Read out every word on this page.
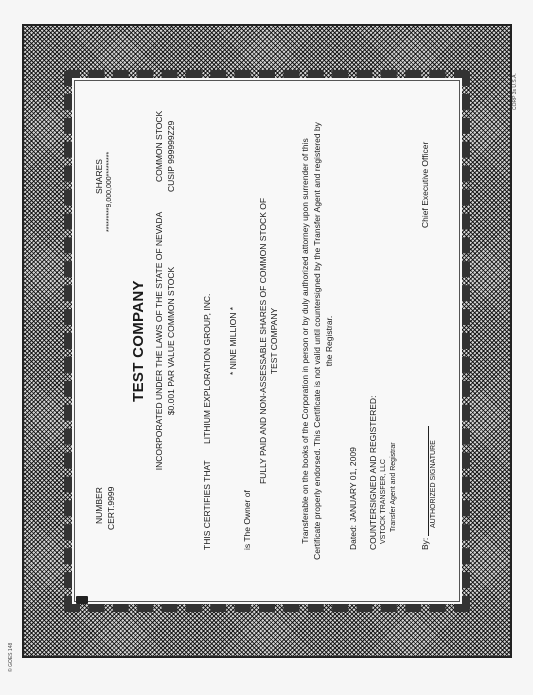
CORP 3s U.S.A.
© GOES 148
NUMBER CERT.9999
SHARES *********9,000,000*********
TEST COMPANY INCORPORATED UNDER THE LAWS OF THE STATE OF NEVADA $0.001 PAR VALUE COMMON STOCK
COMMON STOCK CUSIP 999999Z29
THIS CERTIFIES THAT
LITHIUM EXPLORATION GROUP, INC. * NINE MILLION *
is The Owner of
FULLY PAID AND NON-ASSESSABLE SHARES OF COMMON STOCK OF TEST COMPANY Transferable on the books of the Corporation in person or by duly authorized attorney upon surrender of this Certificate properly endorsed. This Certificate is not valid until countersigned by the Transfer Agent and registered by the Registrar.
Dated:
JANUARY 01, 2009 COUNTERSIGNED AND REGISTERED: VSTOCK TRANSFER, LLC Transfer Agent and Registrar
By:
AUTHORIZED SIGNATURE
Chief Executive Officer
